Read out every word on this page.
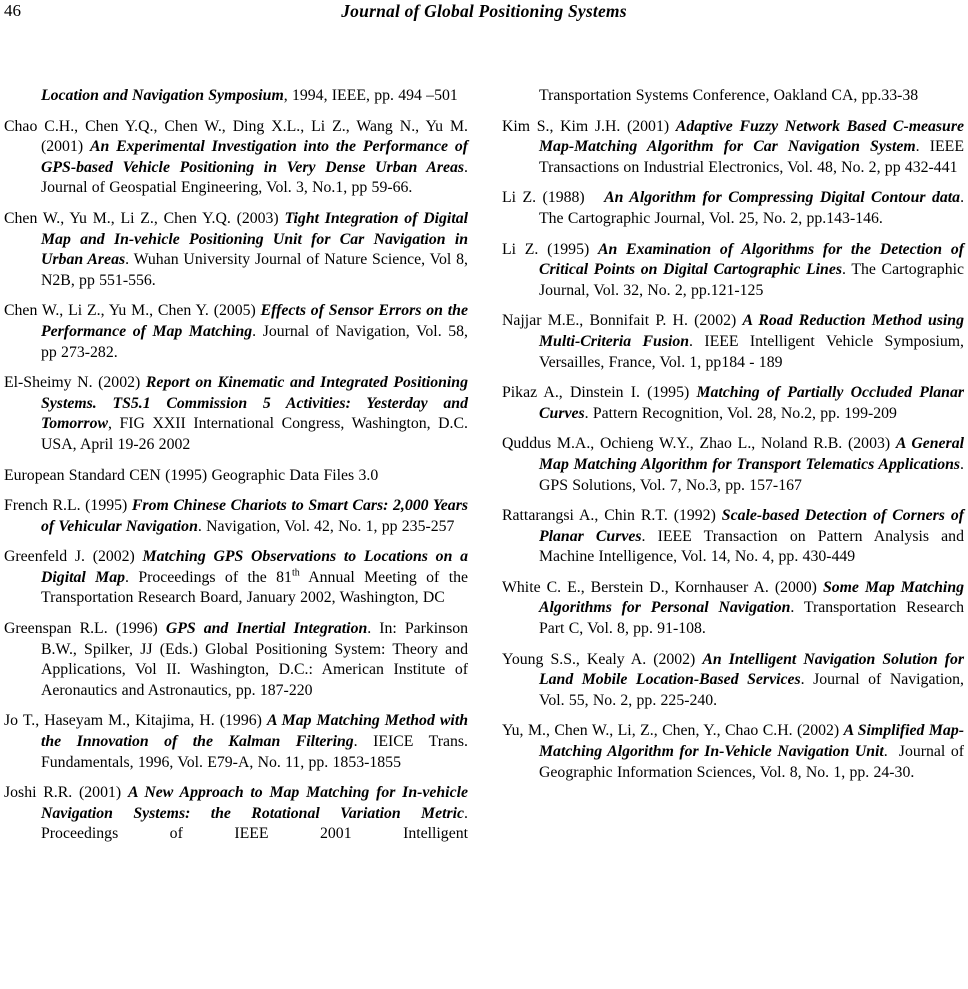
46	Journal of Global Positioning Systems

Location and Navigation Symposium, 1994, IEEE, pp. 494 –501

Chao C.H., Chen Y.Q., Chen W., Ding X.L., Li Z., Wang N., Yu M. (2001) An Experimental Investigation into the Performance of GPS-based Vehicle Positioning in Very Dense Urban Areas. Journal of Geospatial Engineering, Vol. 3, No.1, pp 59-66.

Chen W., Yu M., Li Z., Chen Y.Q. (2003) Tight Integration of Digital Map and In-vehicle Positioning Unit for Car Navigation in Urban Areas. Wuhan University Journal of Nature Science, Vol 8, N2B, pp 551-556.

Chen W., Li Z., Yu M., Chen Y. (2005) Effects of Sensor Errors on the Performance of Map Matching. Journal of Navigation, Vol. 58, pp 273-282.

El-Sheimy N. (2002) Report on Kinematic and Integrated Positioning Systems. TS5.1 Commission 5 Activities: Yesterday and Tomorrow, FIG XXII International Congress, Washington, D.C. USA, April 19-26 2002

European Standard CEN (1995) Geographic Data Files 3.0

French R.L. (1995) From Chinese Chariots to Smart Cars: 2,000 Years of Vehicular Navigation. Navigation, Vol. 42, No. 1, pp 235-257

Greenfeld J. (2002) Matching GPS Observations to Locations on a Digital Map. Proceedings of the 81th Annual Meeting of the Transportation Research Board, January 2002, Washington, DC

Greenspan R.L. (1996) GPS and Inertial Integration. In: Parkinson B.W., Spilker, JJ (Eds.) Global Positioning System: Theory and Applications, Vol II. Washington, D.C.: American Institute of Aeronautics and Astronautics, pp. 187-220

Jo T., Haseyam M., Kitajima, H. (1996) A Map Matching Method with the Innovation of the Kalman Filtering. IEICE Trans. Fundamentals, 1996, Vol. E79-A, No. 11, pp. 1853-1855

Joshi R.R. (2001) A New Approach to Map Matching for In-vehicle Navigation Systems: the Rotational Variation Metric. Proceedings of IEEE 2001 Intelligent

Transportation Systems Conference, Oakland CA, pp.33-38

Kim S., Kim J.H. (2001) Adaptive Fuzzy Network Based C-measure Map-Matching Algorithm for Car Navigation System. IEEE Transactions on Industrial Electronics, Vol. 48, No. 2, pp 432-441

Li Z. (1988)   An Algorithm for Compressing Digital Contour data. The Cartographic Journal, Vol. 25, No. 2, pp.143-146.

Li Z. (1995) An Examination of Algorithms for the Detection of Critical Points on Digital Cartographic Lines. The Cartographic Journal, Vol. 32, No. 2, pp.121-125

Najjar M.E., Bonnifait P. H. (2002) A Road Reduction Method using Multi-Criteria Fusion. IEEE Intelligent Vehicle Symposium, Versailles, France, Vol. 1, pp184 - 189

Pikaz A., Dinstein I. (1995) Matching of Partially Occluded Planar Curves. Pattern Recognition, Vol. 28, No.2, pp. 199-209

Quddus M.A., Ochieng W.Y., Zhao L., Noland R.B. (2003) A General Map Matching Algorithm for Transport Telematics Applications. GPS Solutions, Vol. 7, No.3, pp. 157-167

Rattarangsi A., Chin R.T. (1992) Scale-based Detection of Corners of Planar Curves. IEEE Transaction on Pattern Analysis and Machine Intelligence, Vol. 14, No. 4, pp. 430-449

White C. E., Berstein D., Kornhauser A. (2000) Some Map Matching Algorithms for Personal Navigation. Transportation Research Part C, Vol. 8, pp. 91-108.

Young S.S., Kealy A. (2002) An Intelligent Navigation Solution for Land Mobile Location-Based Services. Journal of Navigation, Vol. 55, No. 2, pp. 225-240.

Yu, M., Chen W., Li, Z., Chen, Y., Chao C.H. (2002) A Simplified Map-Matching Algorithm for In-Vehicle Navigation Unit.  Journal of Geographic Information Sciences, Vol. 8, No. 1, pp. 24-30.
